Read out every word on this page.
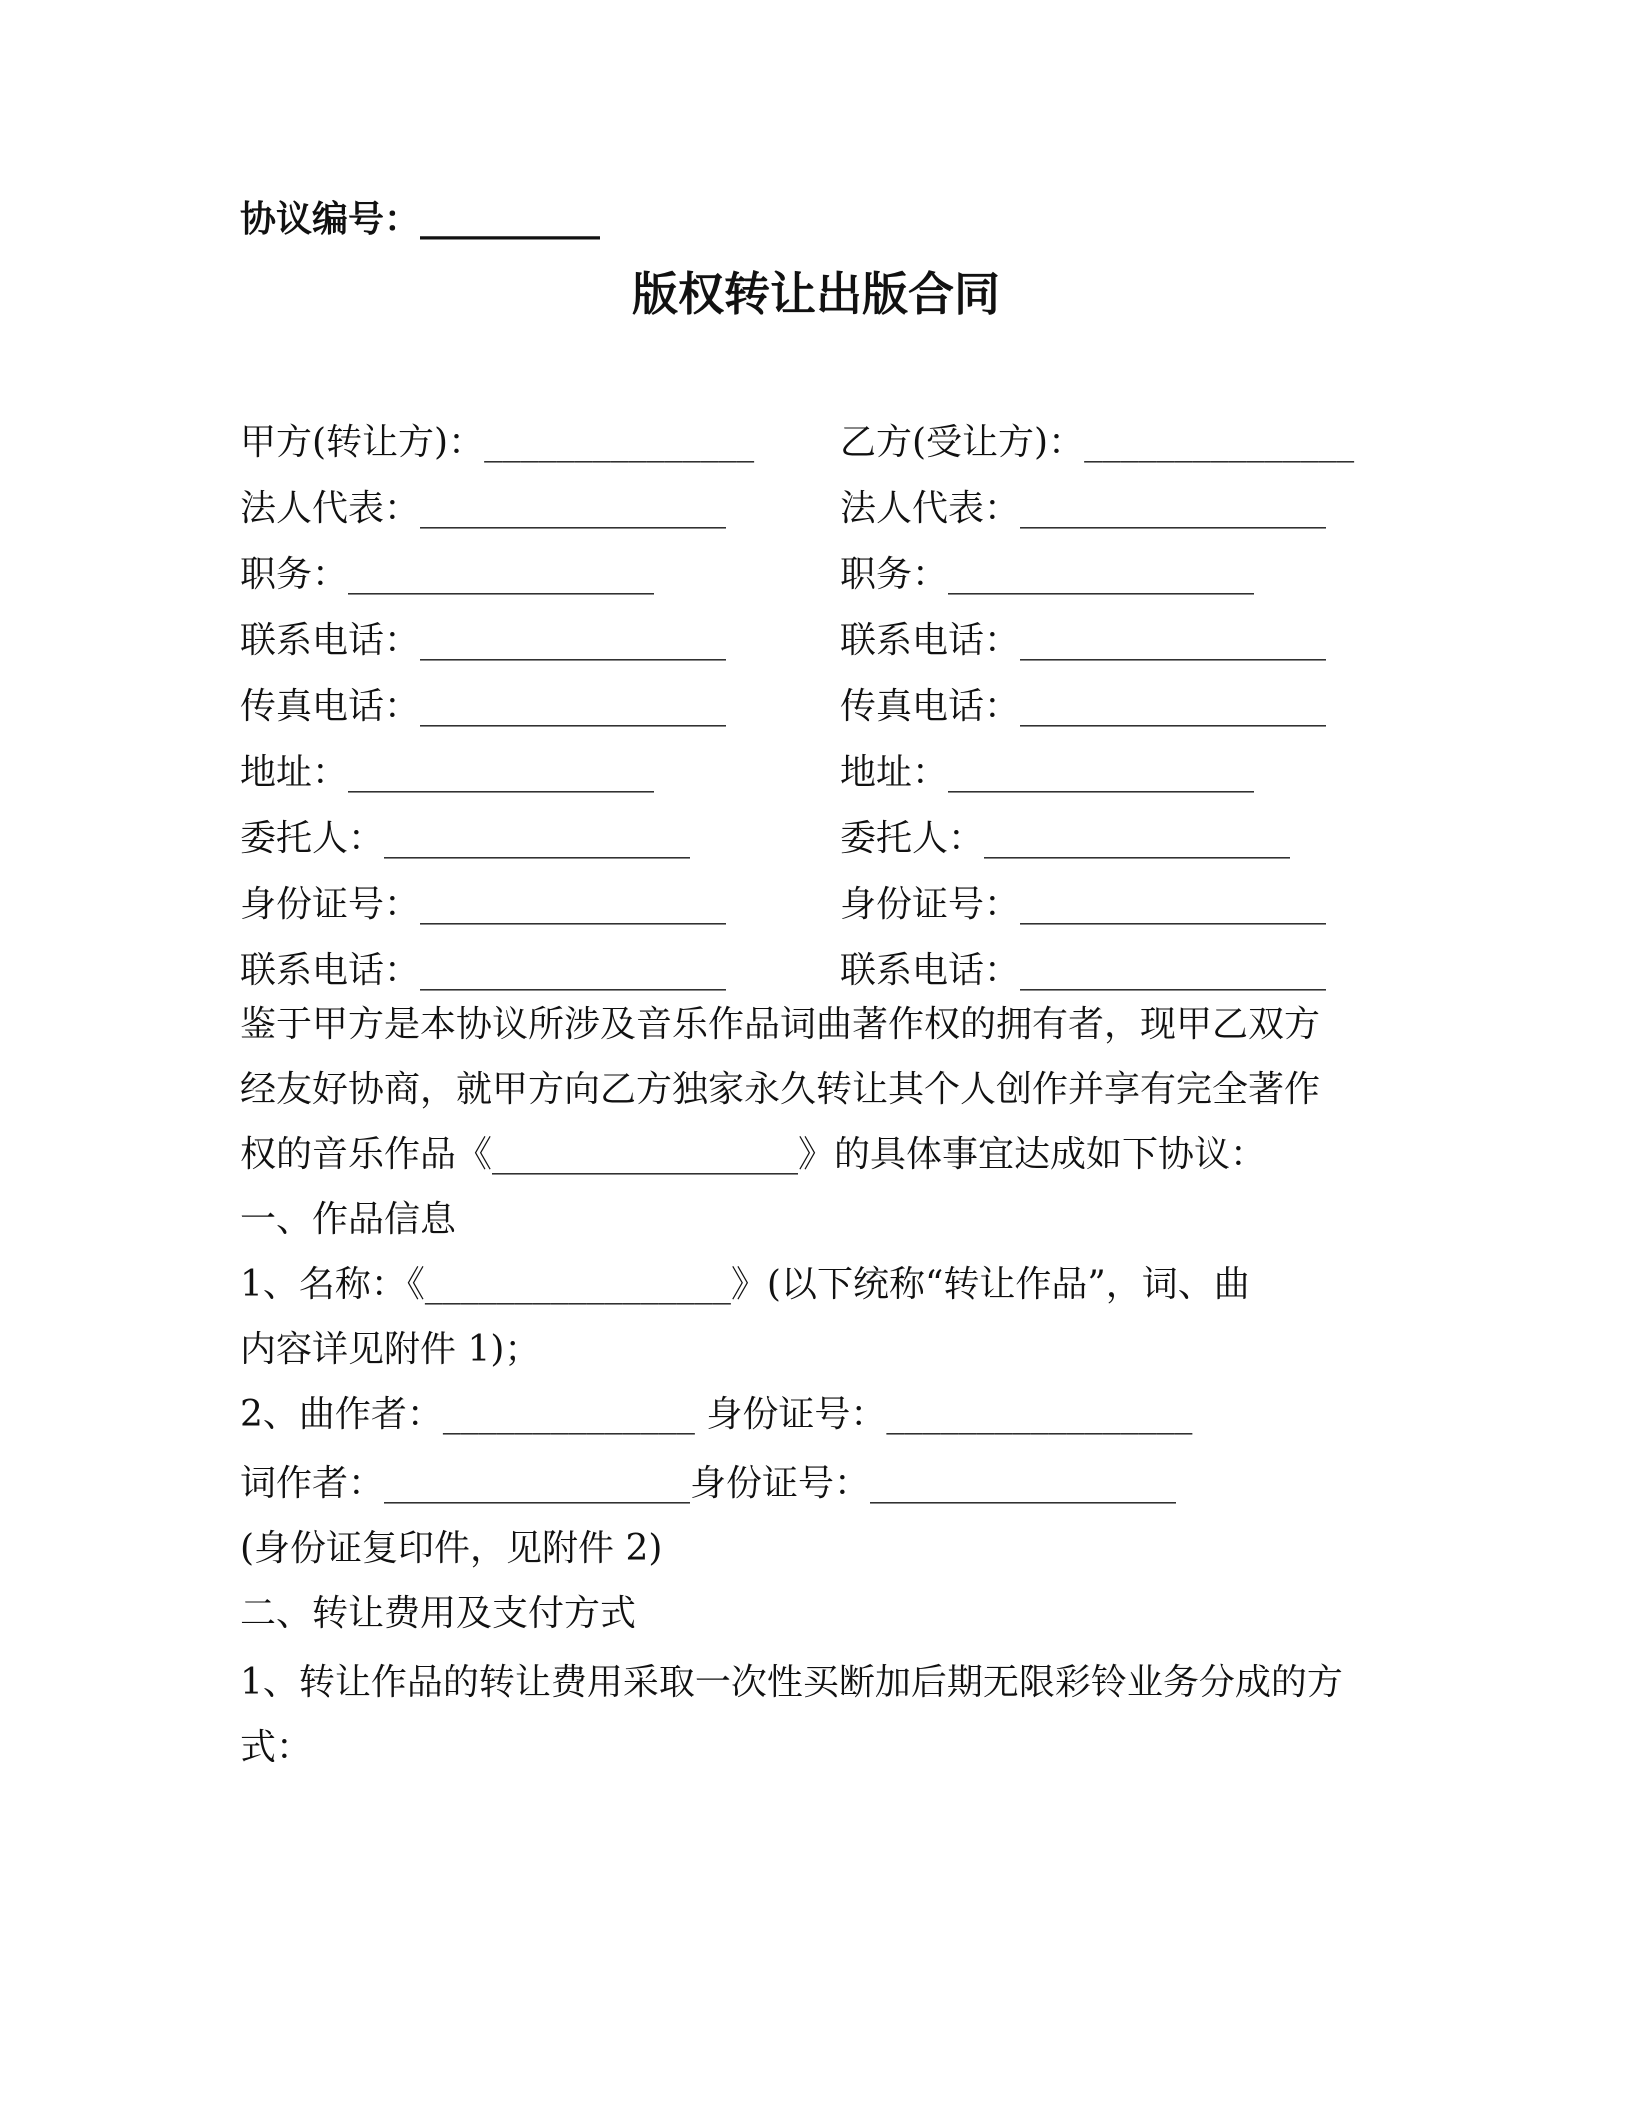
协议编号：__________
版权转让出版合同
甲方(转让方)：_______________	乙方(受让方)：_______________
法人代表：_________________	法人代表：_________________
职务：_________________	职务：_________________
联系电话：_________________	联系电话：_________________
传真电话：_________________	传真电话：_________________
地址：_________________	地址：_________________
委托人：_________________	委托人：_________________
身份证号：_________________	身份证号：_________________
联系电话：_________________	联系电话：_________________

鉴于甲方是本协议所涉及音乐作品词曲著作权的拥有者，现甲乙双方

经友好协商，就甲方向乙方独家永久转让其个人创作并享有完全著作

权的音乐作品《_________________》的具体事宜达成如下协议：

一、作品信息

1、名称：《_________________》(以下统称“转让作品”，词、曲

内容详见附件 1)；

2、曲作者：______________ 身份证号：_________________

词作者：_________________身份证号：_________________

(身份证复印件，见附件 2)

二、转让费用及支付方式

1、转让作品的转让费用采取一次性买断加后期无限彩铃业务分成的方

式：
